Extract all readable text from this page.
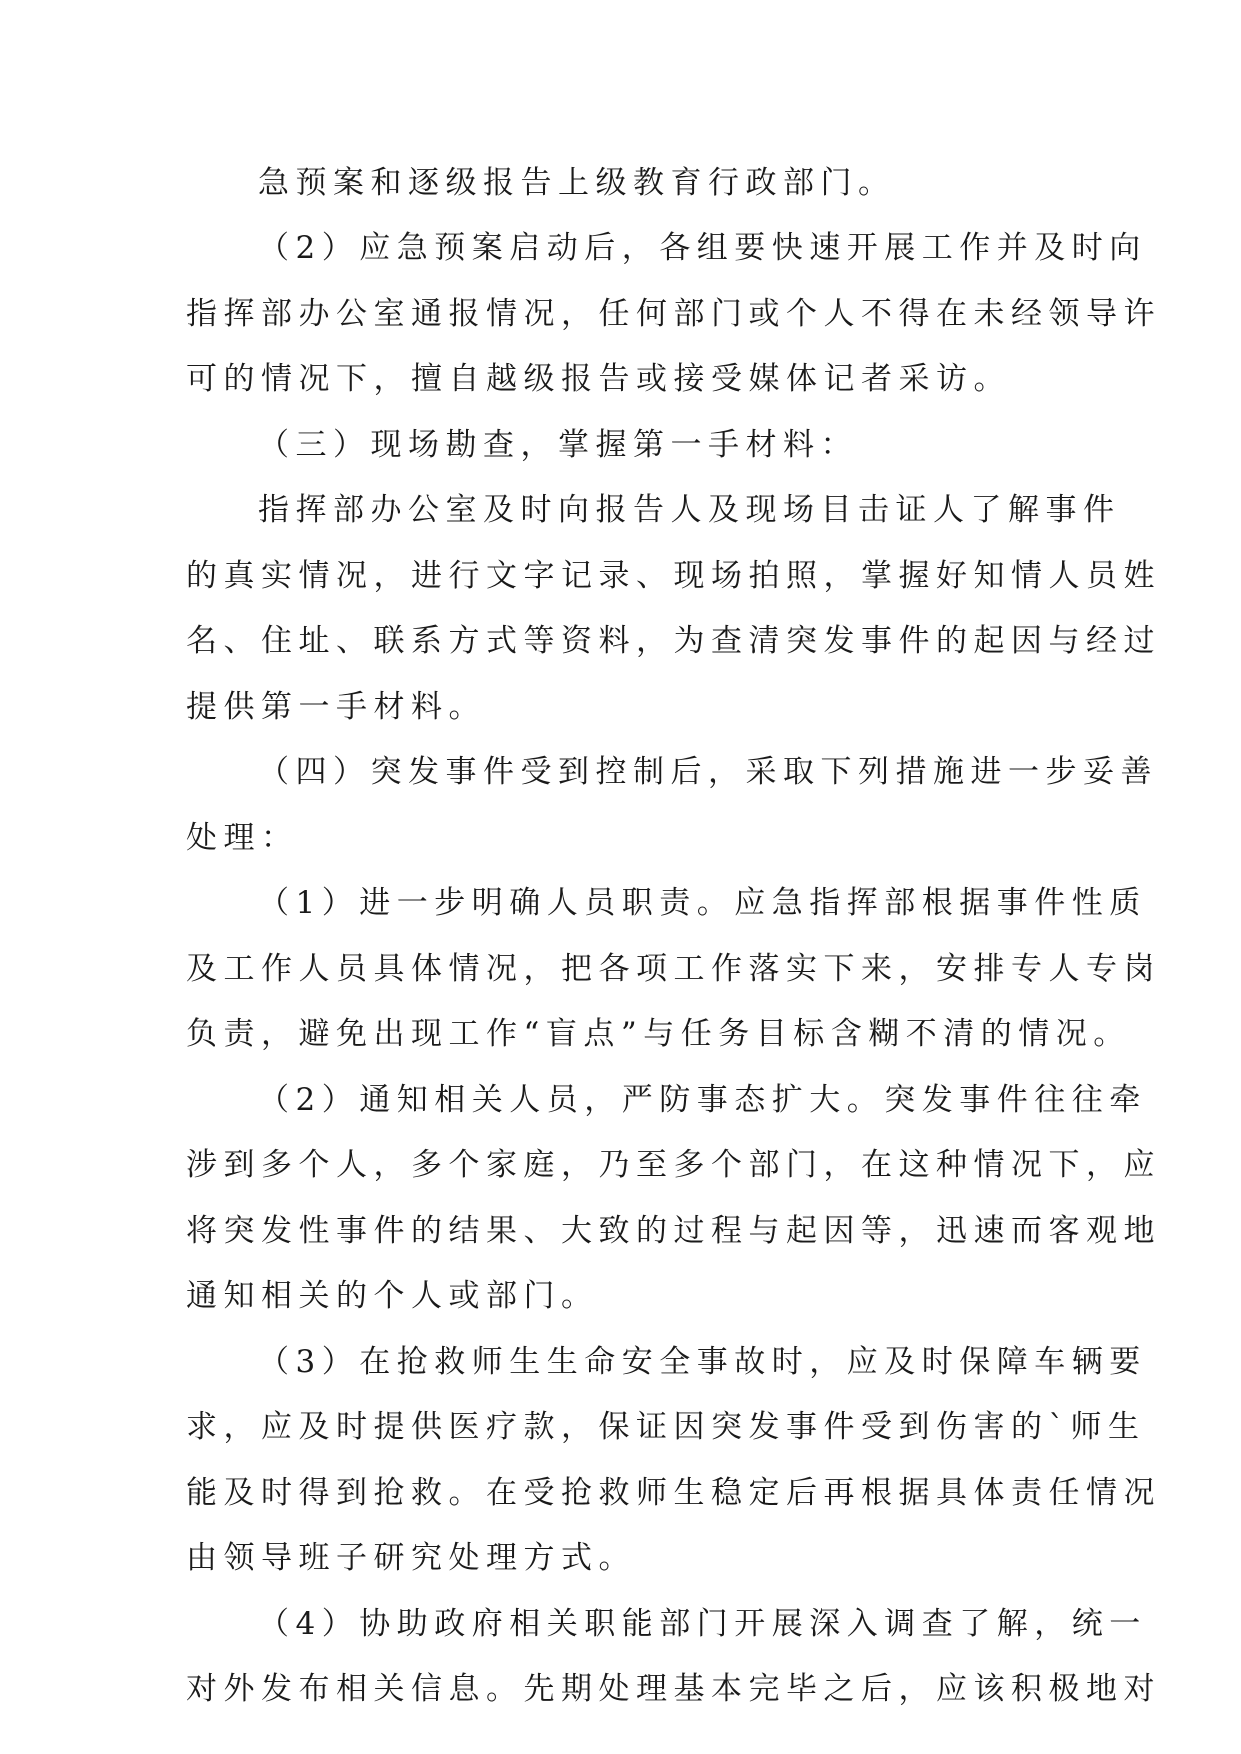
急预案和逐级报告上级教育行政部门。
（2）应急预案启动后，各组要快速开展工作并及时向
指挥部办公室通报情况，任何部门或个人不得在未经领导许
可的情况下，擅自越级报告或接受媒体记者采访。
（三）现场勘查，掌握第一手材料：
指挥部办公室及时向报告人及现场目击证人了解事件
的真实情况，进行文字记录、现场拍照，掌握好知情人员姓
名、住址、联系方式等资料，为查清突发事件的起因与经过
提供第一手材料。
（四）突发事件受到控制后，采取下列措施进一步妥善
处理：
（1）进一步明确人员职责。应急指挥部根据事件性质
及工作人员具体情况，把各项工作落实下来，安排专人专岗
负责，避免出现工作“盲点”与任务目标含糊不清的情况。
（2）通知相关人员，严防事态扩大。突发事件往往牵
涉到多个人，多个家庭，乃至多个部门，在这种情况下，应
将突发性事件的结果、大致的过程与起因等，迅速而客观地
通知相关的个人或部门。
（3）在抢救师生生命安全事故时，应及时保障车辆要
求，应及时提供医疗款，保证因突发事件受到伤害的`师生
能及时得到抢救。在受抢救师生稳定后再根据具体责任情况
由领导班子研究处理方式。
（4）协助政府相关职能部门开展深入调查了解，统一
对外发布相关信息。先期处理基本完毕之后，应该积极地对
